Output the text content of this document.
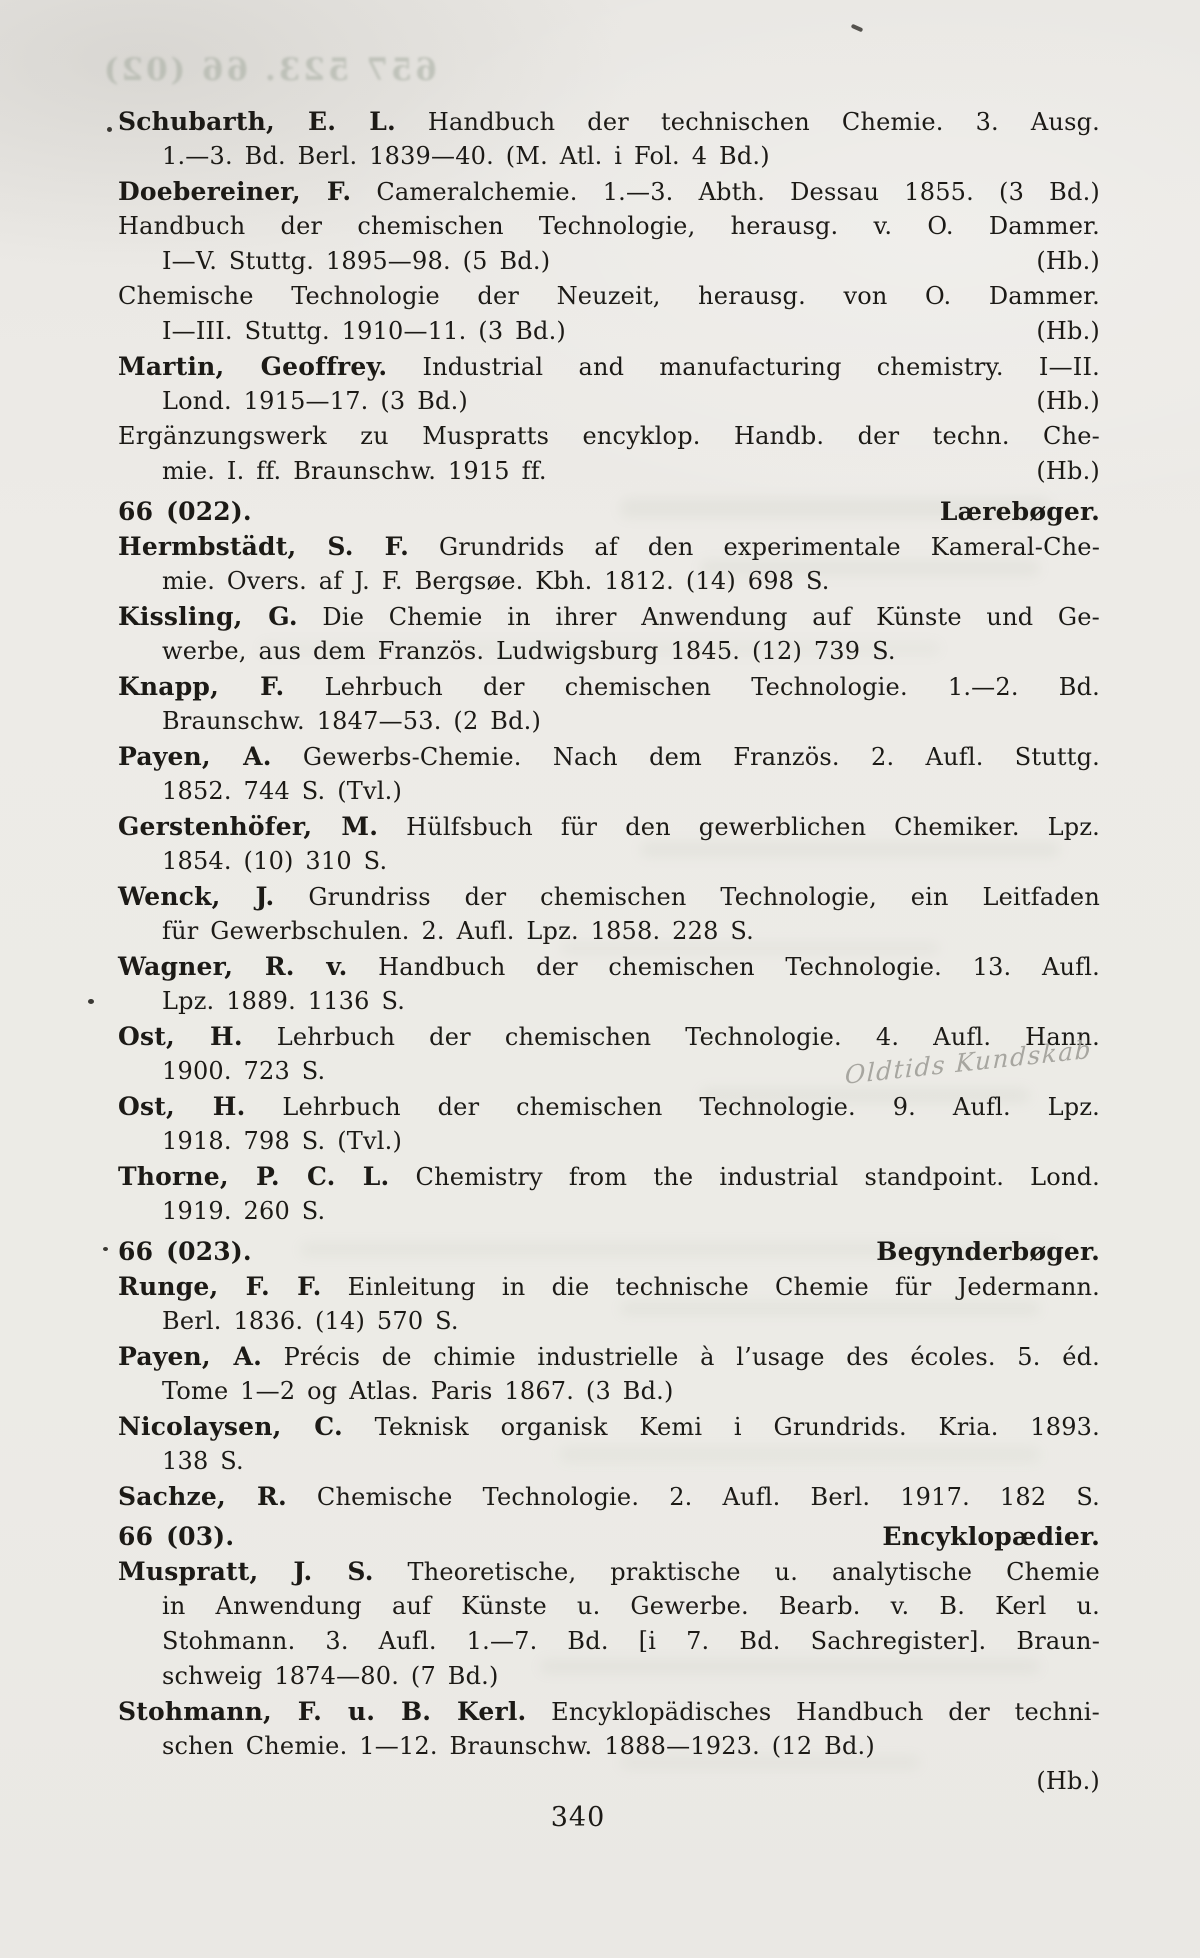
657 523. 66 (02)
Schubarth, E. L. Handbuch der technischen Chemie. 3. Ausg.
1.—3. Bd. Berl. 1839—40. (M. Atl. i Fol. 4 Bd.)
Doebereiner, F. Cameralchemie. 1.—3. Abth. Dessau 1855. (3 Bd.)
Handbuch der chemischen Technologie, herausg. v. O. Dammer.
I—V. Stuttg. 1895—98. (5 Bd.)	(Hb.)
Chemische Technologie der Neuzeit, herausg. von O. Dammer.
I—III. Stuttg. 1910—11. (3 Bd.)	(Hb.)
Martin, Geoffrey. Industrial and manufacturing chemistry. I—II.
Lond. 1915—17. (3 Bd.)	(Hb.)
Ergänzungswerk zu Muspratts encyklop. Handb. der techn. Che-
mie. I. ff. Braunschw. 1915 ff.	(Hb.)
66 (022).	Lærebøger.
Hermbstädt, S. F. Grundrids af den experimentale Kameral-Che-
mie. Overs. af J. F. Bergsøe. Kbh. 1812. (14) 698 S.
Kissling, G. Die Chemie in ihrer Anwendung auf Künste und Ge-
werbe, aus dem Französ. Ludwigsburg 1845. (12) 739 S.
Knapp, F. Lehrbuch der chemischen Technologie. 1.—2. Bd.
Braunschw. 1847—53. (2 Bd.)
Payen, A. Gewerbs-Chemie. Nach dem Französ. 2. Aufl. Stuttg.
1852. 744 S. (Tvl.)
Gerstenhöfer, M. Hülfsbuch für den gewerblichen Chemiker. Lpz.
1854. (10) 310 S.
Wenck, J. Grundriss der chemischen Technologie, ein Leitfaden
für Gewerbschulen. 2. Aufl. Lpz. 1858. 228 S.
Wagner, R. v. Handbuch der chemischen Technologie. 13. Aufl.
Lpz. 1889. 1136 S.
Ost, H. Lehrbuch der chemischen Technologie. 4. Aufl. Hann.
1900. 723 S.
Ost, H. Lehrbuch der chemischen Technologie. 9. Aufl. Lpz.
1918. 798 S. (Tvl.)
Thorne, P. C. L. Chemistry from the industrial standpoint. Lond.
1919. 260 S.
66 (023).	Begynderbøger.
Runge, F. F. Einleitung in die technische Chemie für Jedermann.
Berl. 1836. (14) 570 S.
Payen, A. Précis de chimie industrielle à l’usage des écoles. 5. éd.
Tome 1—2 og Atlas. Paris 1867. (3 Bd.)
Nicolaysen, C. Teknisk organisk Kemi i Grundrids. Kria. 1893.
138 S.
Sachze, R. Chemische Technologie. 2. Aufl. Berl. 1917. 182 S.
66 (03).	Encyklopædier.
Muspratt, J. S. Theoretische, praktische u. analytische Chemie
in Anwendung auf Künste u. Gewerbe. Bearb. v. B. Kerl u.
Stohmann. 3. Aufl. 1.—7. Bd. [i 7. Bd. Sachregister]. Braun-
schweig 1874—80. (7 Bd.)
Stohmann, F. u. B. Kerl. Encyklopädisches Handbuch der techni-
schen Chemie. 1—12. Braunschw. 1888—1923. (12 Bd.)
(Hb.)
Oldtids Kundskab
340
